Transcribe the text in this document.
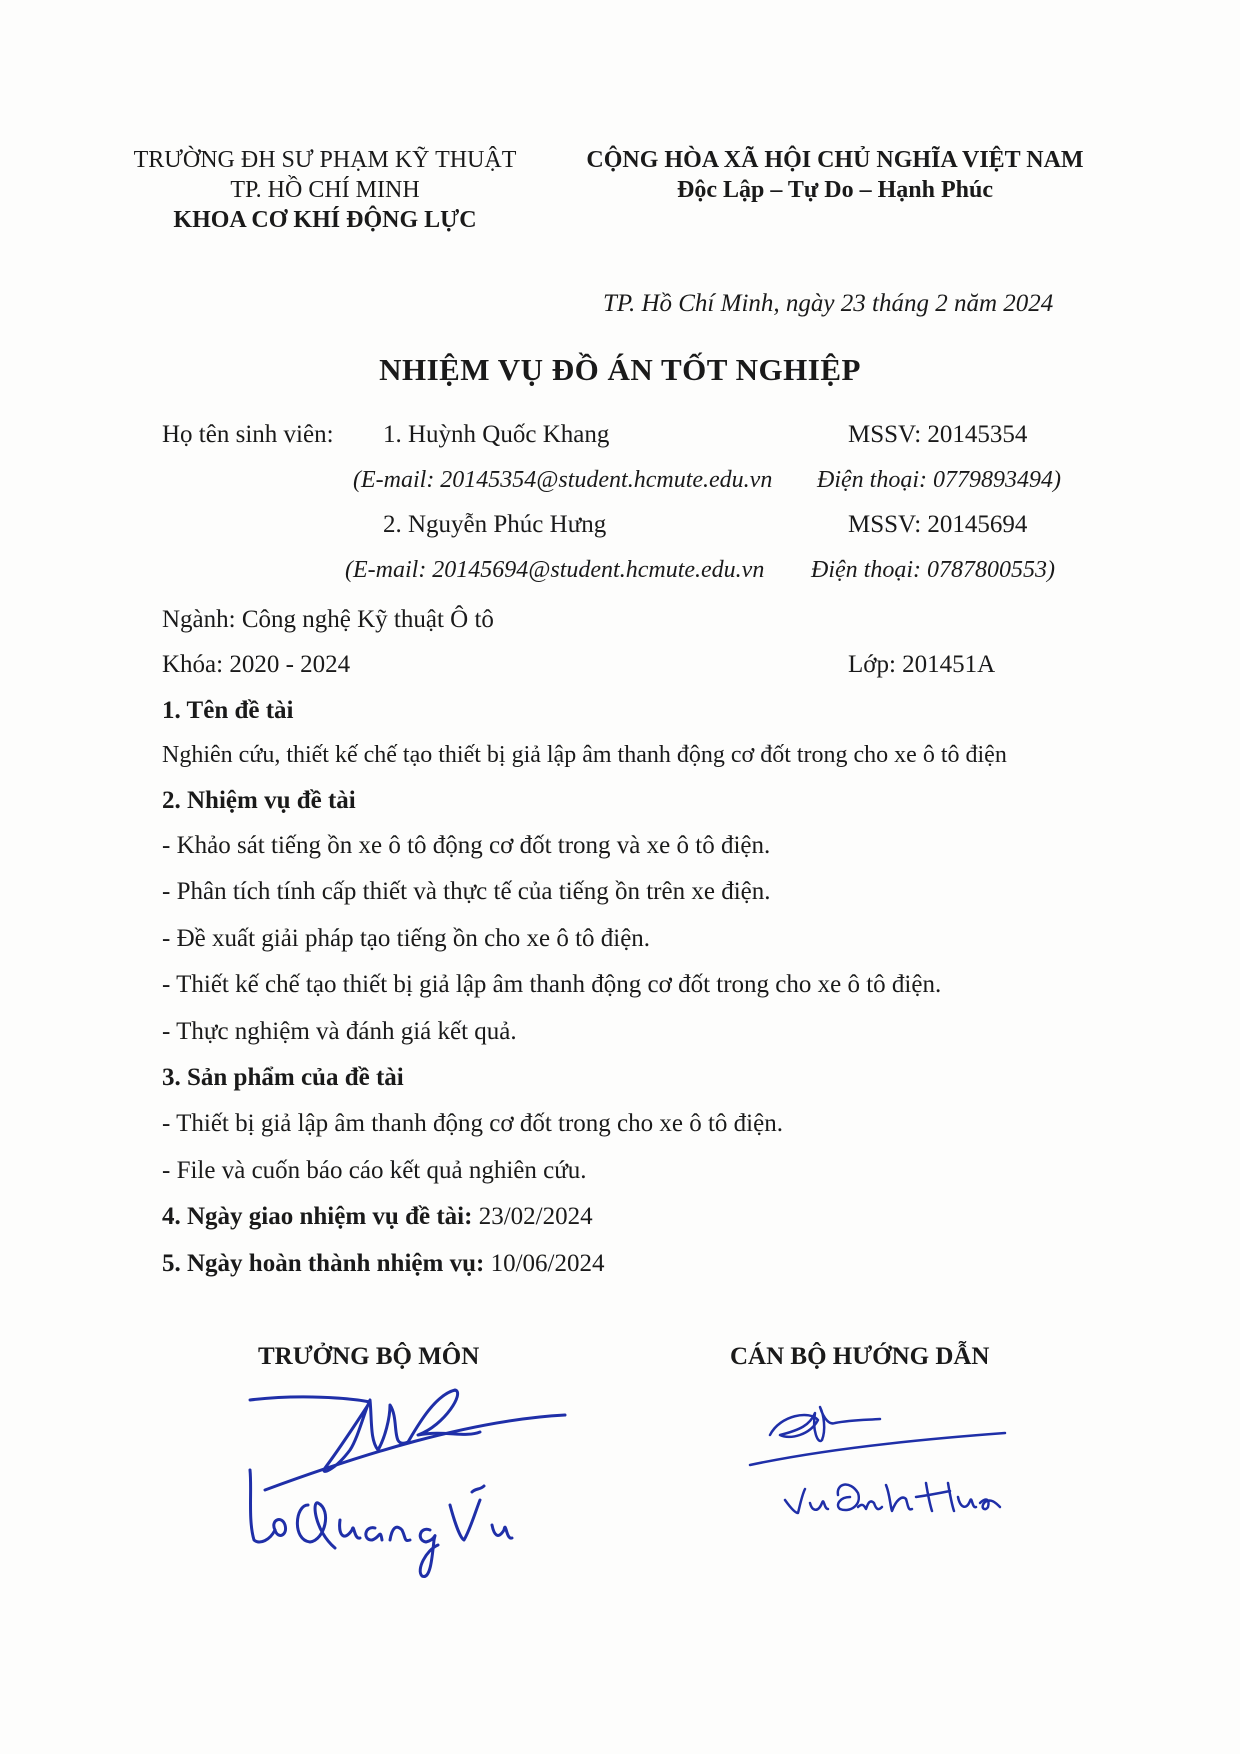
TRƯỜNG ĐH SƯ PHẠM KỸ THUẬT
TP. HỒ CHÍ MINH
KHOA CƠ KHÍ ĐỘNG LỰC
CỘNG HÒA XÃ HỘI CHỦ NGHĨA VIỆT NAM
Độc Lập – Tự Do – Hạnh Phúc
TP. Hồ Chí Minh, ngày 23 tháng 2 năm 2024
NHIỆM VỤ ĐỒ ÁN TỐT NGHIỆP
Họ tên sinh viên: 1. Huỳnh Quốc Khang	MSSV: 20145354
(E-mail: 20145354@student.hcmute.edu.vn Điện thoại: 0779893494)
2. Nguyễn Phúc Hưng	MSSV: 20145694
(E-mail: 20145694@student.hcmute.edu.vn Điện thoại: 0787800553)
Ngành: Công nghệ Kỹ thuật Ô tô
Khóa: 2020 - 2024	Lớp: 201451A
1. Tên đề tài
Nghiên cứu, thiết kế chế tạo thiết bị giả lập âm thanh động cơ đốt trong cho xe ô tô điện
2. Nhiệm vụ đề tài
- Khảo sát tiếng ồn xe ô tô động cơ đốt trong và xe ô tô điện.
- Phân tích tính cấp thiết và thực tế của tiếng ồn trên xe điện.
- Đề xuất giải pháp tạo tiếng ồn cho xe ô tô điện.
- Thiết kế chế tạo thiết bị giả lập âm thanh động cơ đốt trong cho xe ô tô điện.
- Thực nghiệm và đánh giá kết quả.
3. Sản phẩm của đề tài
- Thiết bị giả lập âm thanh động cơ đốt trong cho xe ô tô điện.
- File và cuốn báo cáo kết quả nghiên cứu.
4. Ngày giao nhiệm vụ đề tài: 23/02/2024
5. Ngày hoàn thành nhiệm vụ: 10/06/2024
TRƯỞNG BỘ MÔN	CÁN BỘ HƯỚNG DẪN
